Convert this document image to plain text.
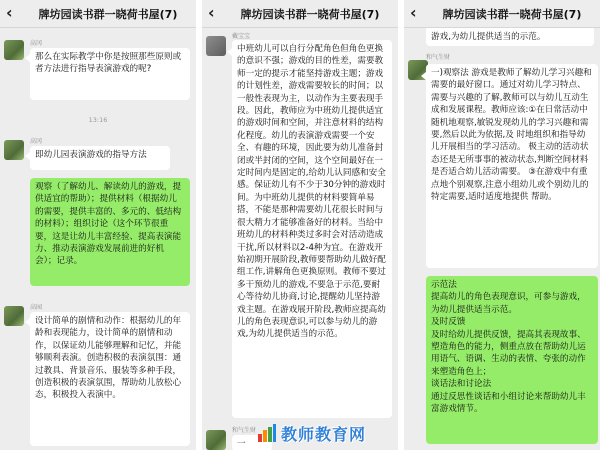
‹	牌坊园读书群一晓荷书屋(7)
高冈
那么在实际教学中你是按照那些原则或者方法进行指导表演游戏的呢?
13:16
高冈
即幼儿园表演游戏的指导方法
观察（了解幼儿、解读幼儿的游戏，提供适宜的帮助）；提供材料（根据幼儿的需要，提供丰富的、多元的、低结构的材料）；组织讨论（这个环节很重要，这是让幼儿丰富经验、提高表演能力、推动表演游戏发展前进的好机会）；记录。
高园
设计简单的剧情和动作：根据幼儿的年龄和表现能力，设计简单的剧情和动作，以保证幼儿能够理解和记忆，并能够顺利表演。创造积极的表演氛围：通过教具、背景音乐、服装等多种手段，创造积极的表演氛围，帮助幼儿放松心态，积极投入表演中。
‹	牌坊园读书群一晓荷书屋(7)
戴宝宝
中班幼儿可以自行分配角色但角色更换的意识不强；游戏的目的性差，需要教师一定的提示才能坚持游戏主题；游戏的计划性差，游戏需要较长的时间；以一般性表现为主，以动作为主要表现手段。因此，教师应为中班幼儿提供适宜的游戏时间和空间，并注意材料的结构化程度。幼儿的表演游戏需要一个安全、有趣的环境，因此要为幼儿准备封闭或半封闭的空间，这个空间最好在一定时间内是固定的,给幼儿认同感和安全感。保证幼儿有不少于30分钟的游戏时间。为中班幼儿提供的材料要简单易搭，不能是那种需要幼儿花很长时间与很大精力才能够准备好的材料。当给中班幼儿的材料种类过多时会对活动造成干扰,所以材料以2-4种为宜。在游戏开始初期开展阶段,教师要帮助幼儿做好配组工作,讲解角色更换原则。教师不要过多干预幼儿的游戏,不要急于示范,要耐心等待幼儿协商,讨论,提醒幼儿坚持游戏主题。在游戏展开阶段,教师应提高幼儿的角色表现意识,可以参与幼儿的游戏,为幼儿提供适当的示范。
和气生财
一
‹	牌坊园读书群一晓荷书屋(7)
游戏,为幼儿提供适当的示范。
和气生财
一)观察法 游戏是教师了解幼儿学习兴趣和需要的最好窗口。通过对幼儿学习特点、需要与兴趣的了解,教师可以与幼儿互动生成和发展课程。教师应该:①在日常活动中随机地观察,敏锐发现幼儿的学习兴趣和需要,然后以此为依据,及 时地组织和指导幼儿开展相当的学习活动。 极主动的活动状态还是无所事事的被动状态,判断空间材料是否适合幼儿活动需要。 ③在游戏中有重点地个别观察,注意小组幼儿或个别幼儿的特定需要,适时适度地提供 帮助。
示范法
提高幼儿的角色表现意识，可参与游戏，为幼儿提供适当示范。
及时反馈
及时给幼儿提供反馈，提高其表现故事、塑造角色的能力，侧重点放在帮助幼儿运用语气、语调、生动的表情、夸张的动作来塑造角色上；
谈话法和讨论法
通过反思性谈话和小组讨论来帮助幼儿丰富游戏情节。
教师教育网
